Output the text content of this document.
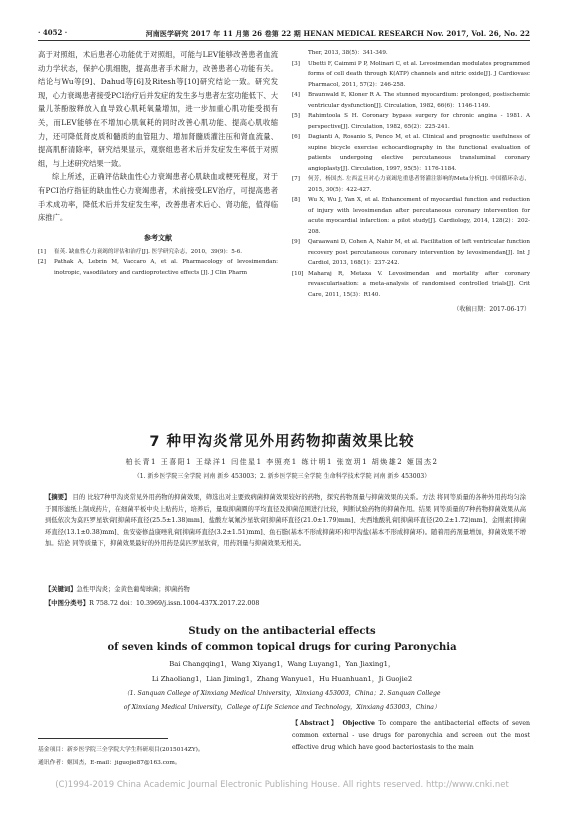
· 4052 ·	河南医学研究 2017 年 11 月第 26 卷第 22 期 HENAN MEDICAL RESEARCH Nov. 2017, Vol. 26, No. 22

高于对照组，术后患者心功能优于对照组，可能与LEV能够改善患者血流动力学状态，保护心肌细胞，提高患者手术耐力，改善患者心功能有关。结论与Wu等[9]、Dahud等[6]及Ritesh等[10]研究结论一致。研究发现，心力衰竭患者接受PCI治疗后并发症的发生多与患者左室功能低下、大量儿茶酚胺释放入血导致心肌耗氧量增加，进一步加重心肌功能受损有关，而LEV能够在不增加心肌氧耗的同时改善心肌功能、提高心肌收缩力，还可降低肾皮质和髓质的血管阻力、增加肾髓质灌注压和肾血流量、提高肌酐清除率，研究结果显示，观察组患者术后并发症发生率低于对照组，与上述研究结果一致。

综上所述，正确评估缺血性心力衰竭患者心肌缺血或梗死程度，对于有PCI治疗指征的缺血性心力衰竭患者，术前接受LEV治疗，可提高患者手术成功率，降低术后并发症发生率，改善患者术后心、肾功能，值得临床推广。

参考文献
[1]	崔英. 缺血性心力衰竭的评估和治疗[J]. 医学研究杂志，2010，39(9)：5-6.
[2]	Pathak A, Lebrin M, Vaccaro A, et al. Pharmacology of levosimendan: inotropic, vasodilatory and cardioprotective effects [J]. J Clin Pharm
Ther, 2013, 38(5)：341-349.
[3]	Ubetti F, Caimmi P P, Molinari C, et al. Levosimendan modulates programmed forms of cell death through K(ATP) channels and nitric oxide[J]. J Cardiovasc Pharmacol, 2011, 57(2)：246-258.
[4]	Braunwald E, Kloner R A. The stunned myocardium: prolonged, postischemic ventricular dysfunction[J]. Circulation, 1982, 66(6)：1146-1149.
[5]	Rahimtoola S H. Coronary bypass surgery for chronic angina - 1981. A perspective[J]. Circulation, 1982, 65(2)：225-241.
[6]	Dagianti A, Rosanio S, Penco M, et al. Clinical and prognostic usefulness of supine bicycle exercise echocardiography in the functional evaluation of patients undergoing elective percutaneous transluminal coronary angioplasty[J]. Circulation, 1997, 95(5)：1176-1184.
[7]	何芳，杨国杰. 左西孟旦对心力衰竭危重患者肾灌注影响的Meta分析[J]. 中国循环杂志，2015, 30(5)：422-427.
[8]	Wu X, Wu J, Yan X, et al. Enhancement of myocardial function and reduction of injury with levosimendan after percutaneous coronary intervention for acute myocardial infarction: a pilot study[J]. Cardiology, 2014, 128(2)：202-208.
[9]	Qaraawani D, Cohen A, Nahir M, et al. Facilitation of left ventricular function recovery post percutaneous coronary intervention by levosimendan[J]. Int J Cardiol, 2013, 168(1)：237-242.
[10] Maharaj R, Metaxa V. Levosimendan and mortality after coronary revascularisation: a meta-analysis of randomised controlled trials[J]. Crit Care, 2011, 15(3)：R140.
（收稿日期：2017-06-17）
7 种甲沟炎常见外用药物抑菌效果比较
柏长青1 王喜阳1 王绿洋1 闫佳星1 李照亮1 练计明1 张宽玥1 胡焕雄2 姬国杰2
（1. 新乡医学院三全学院 河南 新乡 453003；2. 新乡医学院三全学院 生命科学技术学院 河南 新乡 453003）
【摘要】 目的 比较7种甲沟炎常见外用药物的抑菌效果，筛选出对主要致病菌抑菌效果较好的药物，探究药物剂量与抑菌效果的关系。方法 将同等质量的各种外用药均匀涂于圆形滤纸上制成药片，在细菌平板中央上贴药片，培养后，量取抑菌圈的平均直径及抑菌范围进行比较，判断试验药物的抑菌作用。结果 同等质量的7种药物抑菌效果从高到低依次为莫匹罗星软膏[抑菌环直径(25.5±1.38)mm]、盐酸左氧氟沙星软膏[抑菌环直径(21.0±1.79)mm]、夫西地酸乳膏[抑菌环直径(20.2±1.72)mm]、金刚素[抑菌环直径(13.1±0.38)mm]、鱼安姿修益康唑乳膏[抑菌环直径(3.2±1.51)mm]、鱼石脂(基本不形成抑菌环)和甲沟盐(基本不形成抑菌环)。随着用药剂量增加，抑菌效果不增加。结论 同等质量下，抑菌效果最好的外用药是莫匹罗星软膏，用药剂量与抑菌效果无相关。
【关键词】急性甲沟炎；金黄色葡萄球菌；抑菌药物
【中图分类号】R 758.72 doi：10.3969/j.issn.1004-437X.2017.22.008
Study on the antibacterial effects
of seven kinds of common topical drugs for curing Paronychia
Bai Changqing1，Wang Xiyang1，Wang Luyang1，Yan Jiaxing1，
Li Zhaoliang1，Lian Jiming1，Zhang Wanyue1，Hu Huanhuan1，Ji Guojie2
（1. Sanquan College of Xinxiang Medical University，Xinxiang 453003，China；2. Sanquan College
of Xinxiang Medical University，College of Life Science and Technology，Xinxiang 453003，China）
基金项目：新乡医学院三全学院大学生科研项目(2015014ZY)。
通讯作者：姬国杰，E-mail：jiguojie87@163.com。
【Abstract】 Objective To compare the antibacterial effects of seven common external - use drugs for paronychia and screen out the most effective drug which have good bacteriostasis to the main
(C)1994-2019 China Academic Journal Electronic Publishing House. All rights reserved. http://www.cnki.net
